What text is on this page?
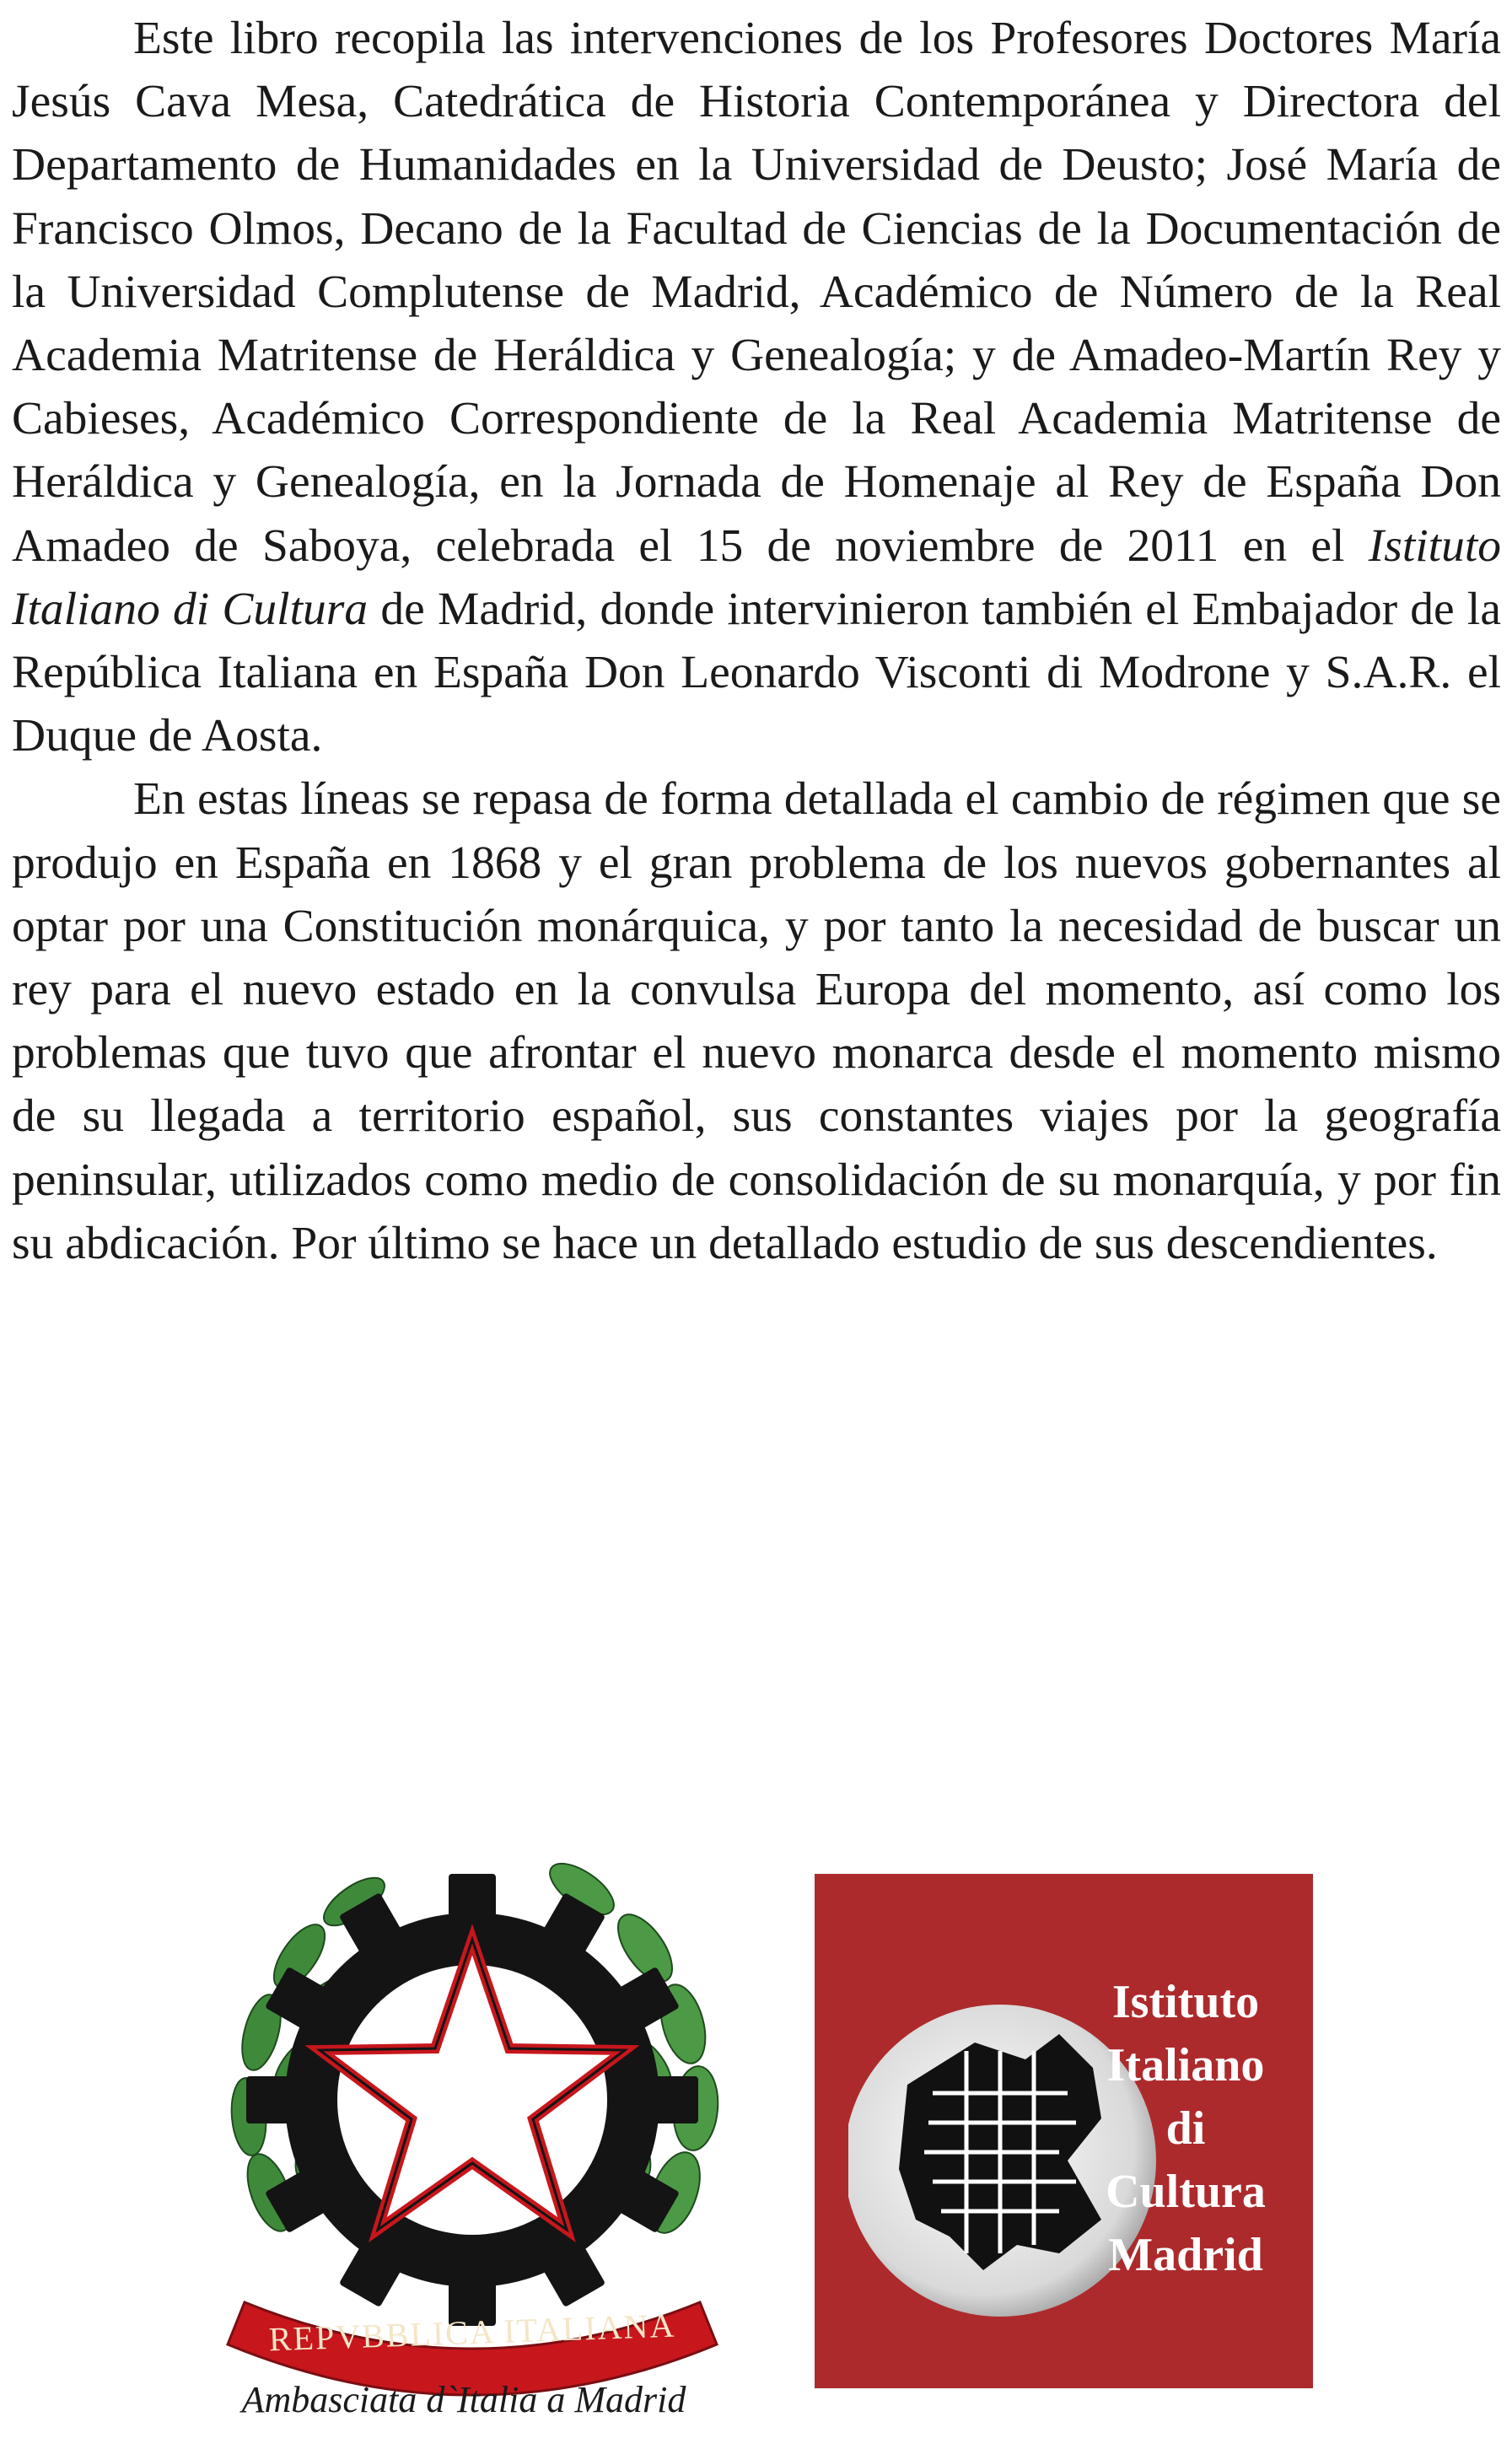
Este libro recopila las intervenciones de los Profesores Doctores María Jesús Cava Mesa, Catedrática de Historia Contemporánea y Directora del Departamento de Humanidades en la Universidad de Deusto; José María de Francisco Olmos, Decano de la Facultad de Ciencias de la Documentación de la Universidad Complutense de Madrid, Académico de Número de la Real Academia Matritense de Heráldica y Genealogía; y de Amadeo-Martín Rey y Cabieses, Académico Correspondiente de la Real Academia Matritense de Heráldica y Genealogía, en la Jornada de Homenaje al Rey de España Don Amadeo de Saboya, celebrada el 15 de noviembre de 2011 en el Istituto Italiano di Cultura de Madrid, donde intervinieron también el Embajador de la República Italiana en España Don Leonardo Visconti di Modrone y S.A.R. el Duque de Aosta.

En estas líneas se repasa de forma detallada el cambio de régimen que se produjo en España en 1868 y el gran problema de los nuevos gobernantes al optar por una Constitución monárquica, y por tanto la necesidad de buscar un rey para el nuevo estado en la convulsa Europa del momento, así como los problemas que tuvo que afrontar el nuevo monarca desde el momento mismo de su llegada a territorio español, sus constantes viajes por la geografía peninsular, utilizados como medio de consolidación de su monarquía, y por fin su abdicación. Por último se hace un detallado estudio de sus descendientes.

REPVBBLICA ITALIANA
Ambasciata d`Italia a Madrid
Istituto
Italiano
di
Cultura
Madrid
